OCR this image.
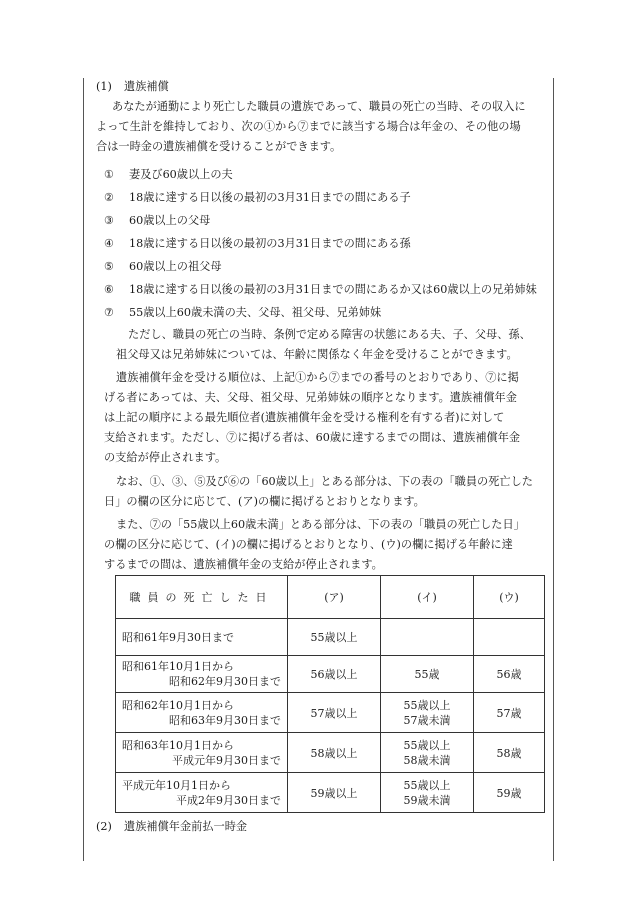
(1) 遺族補償
あなたが通勤により死亡した職員の遺族であって、職員の死亡の当時、その収入に
よって生計を維持しており、次の①から⑦までに該当する場合は年金の、その他の場
合は一時金の遺族補償を受けることができます。
① 妻及び60歳以上の夫
② 18歳に達する日以後の最初の3月31日までの間にある子
③ 60歳以上の父母
④ 18歳に達する日以後の最初の3月31日までの間にある孫
⑤ 60歳以上の祖父母
⑥ 18歳に達する日以後の最初の3月31日までの間にあるか又は60歳以上の兄弟姉妹
⑦ 55歳以上60歳未満の夫、父母、祖父母、兄弟姉妹
ただし、職員の死亡の当時、条例で定める障害の状態にある夫、子、父母、孫、
祖父母又は兄弟姉妹については、年齢に関係なく年金を受けることができます。
遺族補償年金を受ける順位は、上記①から⑦までの番号のとおりであり、⑦に掲
げる者にあっては、夫、父母、祖父母、兄弟姉妹の順序となります。遺族補償年金
は上記の順序による最先順位者(遺族補償年金を受ける権利を有する者)に対して
支給されます。ただし、⑦に掲げる者は、60歳に達するまでの間は、遺族補償年金
の支給が停止されます。
なお、①、③、⑤及び⑥の「60歳以上」とある部分は、下の表の「職員の死亡した
日」の欄の区分に応じて、(ア)の欄に掲げるとおりとなります。
また、⑦の「55歳以上60歳未満」とある部分は、下の表の「職員の死亡した日」
の欄の区分に応じて、(イ)の欄に掲げるとおりとなり、(ウ)の欄に掲げる年齢に達
するまでの間は、遺族補償年金の支給が停止されます。
職員の死亡した日	(ア)	(イ)	(ウ)

昭和61年9月30日まで	55歳以上		

昭和61年10月1日から
昭和62年9月30日まで	56歳以上	55歳	56歳

昭和62年10月1日から
昭和63年9月30日まで	57歳以上	55歳以上
57歳未満	57歳

昭和63年10月1日から
平成元年9月30日まで	58歳以上	55歳以上
58歳未満	58歳

平成元年10月1日から
平成2年9月30日まで	59歳以上	55歳以上
59歳未満	59歳
(2) 遺族補償年金前払一時金
